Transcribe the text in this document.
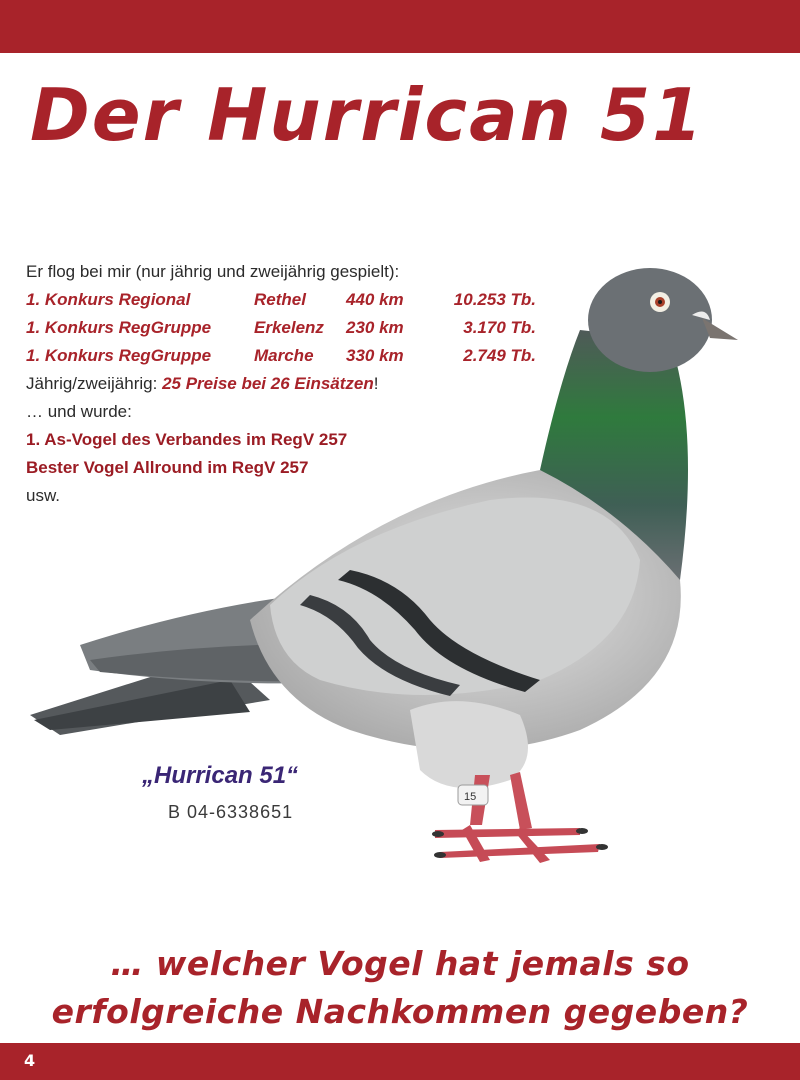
Der Hurrican 51
15
Er flog bei mir (nur jährig und zweijährig gespielt):
1. Konkurs Regional	Rethel	440 km	10.253 Tb.
1. Konkurs RegGruppe	Erkelenz	230 km	3.170 Tb.
1. Konkurs RegGruppe	Marche	330 km	2.749 Tb.
Jährig/zweijährig: 25 Preise bei 26 Einsätzen!
… und wurde:
1. As-Vogel des Verbandes im RegV 257
Bester Vogel Allround im RegV 257
usw.
„Hurrican 51“
B 04-6338651
… welcher Vogel hat jemals so
erfolgreiche Nachkommen gegeben?
4
